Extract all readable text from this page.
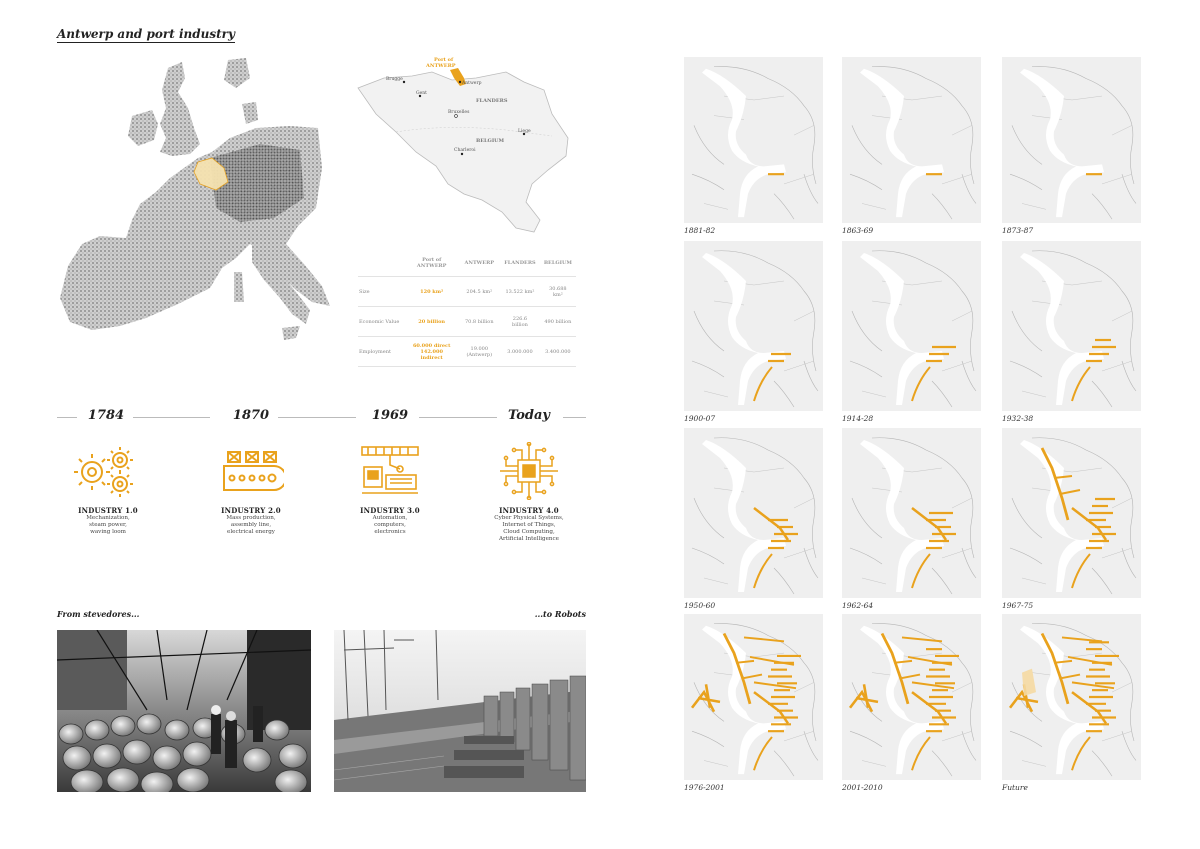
Antwerp and port industry
Port of
ANTWERP
Brugge
Gent
Antwerp
Bruxelles
Liege
Charleroi
FLANDERS
BELGIUM
	Port of ANTWERP	ANTWERP	FLANDERS	BELGIUM
Size	120 km²	204.5 km²	13.522 km²	30.688 km²
Economic Value	20 billion	70.8 billion	226.6 billion	490 billion
Employment	60.000 direct 142.000 indirect	19.000 (Antwerp)	3.000.000	3.400.000
1784	1870	1969	Today
INDUSTRY 1.0
Mechanization,
steam power,
waving loom
INDUSTRY 2.0
Mass production,
assembly line,
electrical energy
INDUSTRY 3.0
Automation,
computers,
electronics
INDUSTRY 4.0
Cyber Physical Systems,
Internet of Things,
Cloud Computing,
Artificial Intelligence
From stevedores...	...to Robots
1881-82	1863-69	1873-87
1900-07	1914-28	1932-38
1950-60	1962-64	1967-75
1976-2001	2001-2010	Future
